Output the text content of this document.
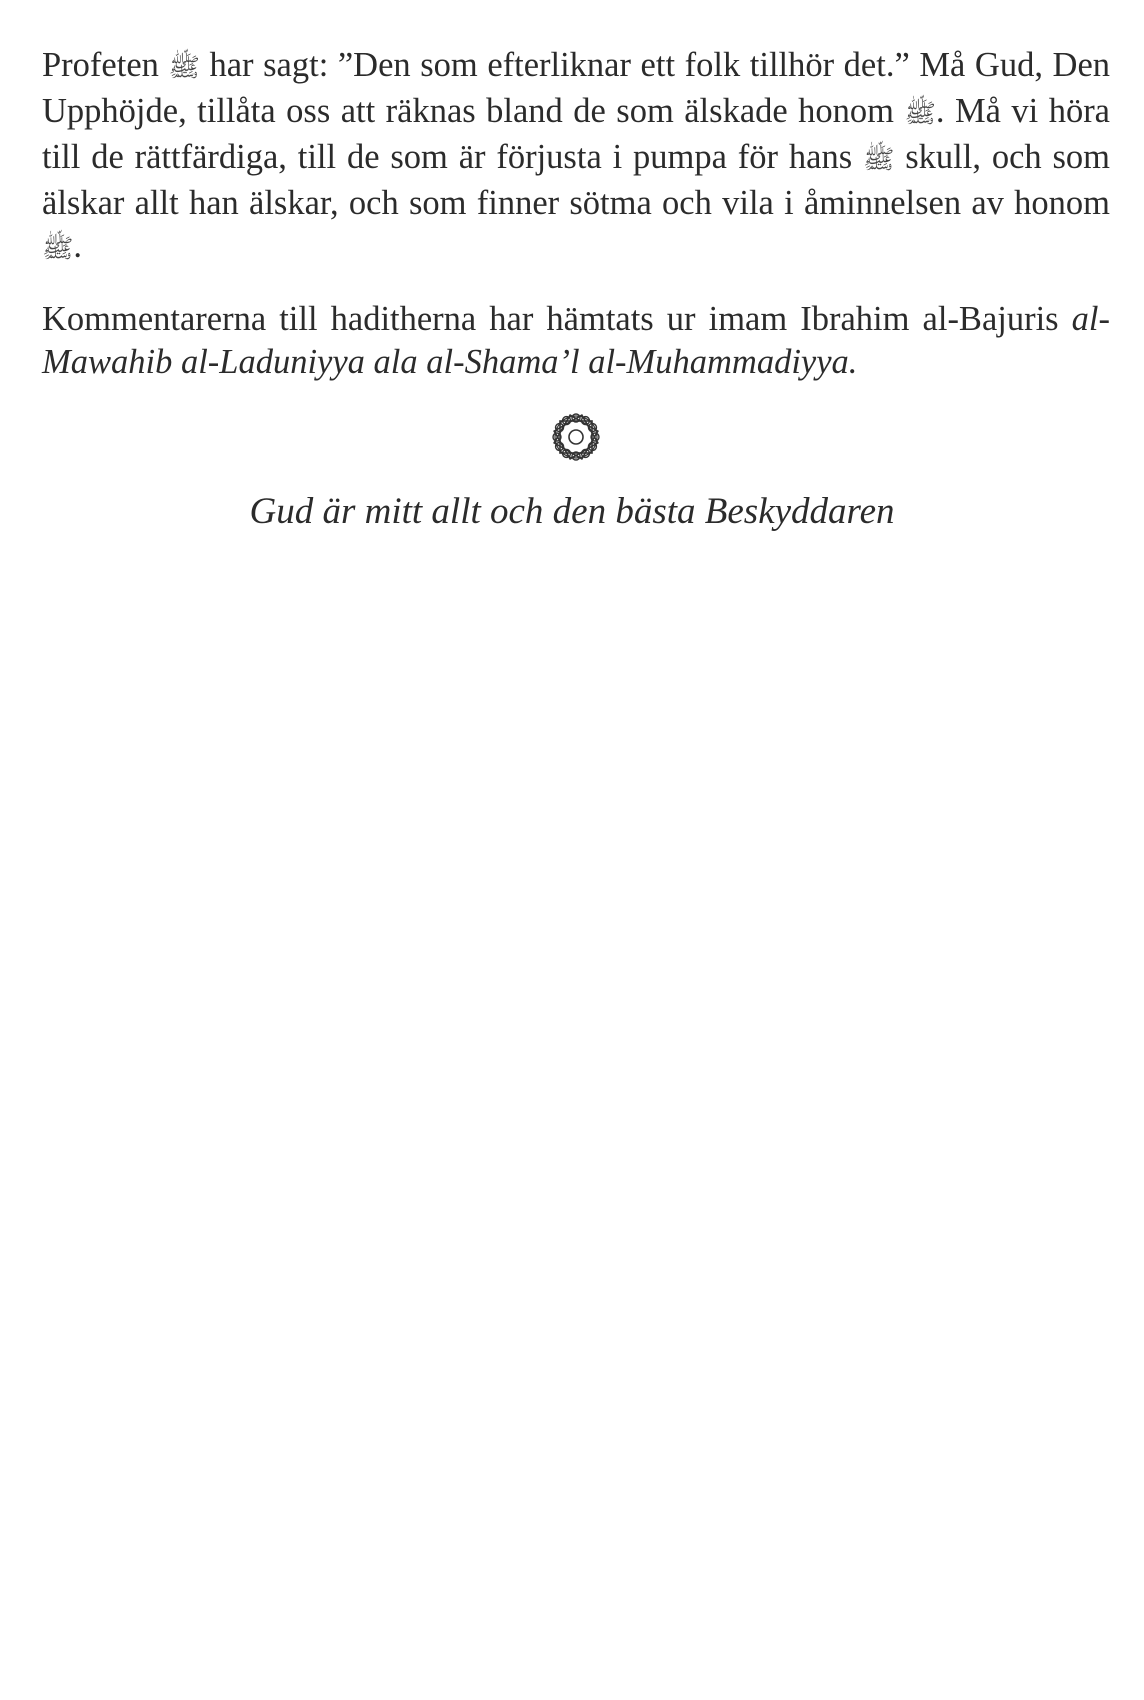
Profeten ﷺ har sagt: ”Den som efterliknar ett folk tillhör det.” Må Gud, Den Upphöjde, tillåta oss att räknas bland de som älskade honom ﷺ. Må vi höra till de rättfärdiga, till de som är förjusta i pumpa för hans ﷺ skull, och som älskar allt han älskar, och som finner sötma och vila i åminnelsen av honom ﷺ.

Kommentarerna till haditherna har hämtats ur imam Ibrahim al-Bajuris al-Mawahib al-Laduniyya ala al-Shama’l al-Muhammadiyya.

Gud är mitt allt och den bästa Beskyddaren
